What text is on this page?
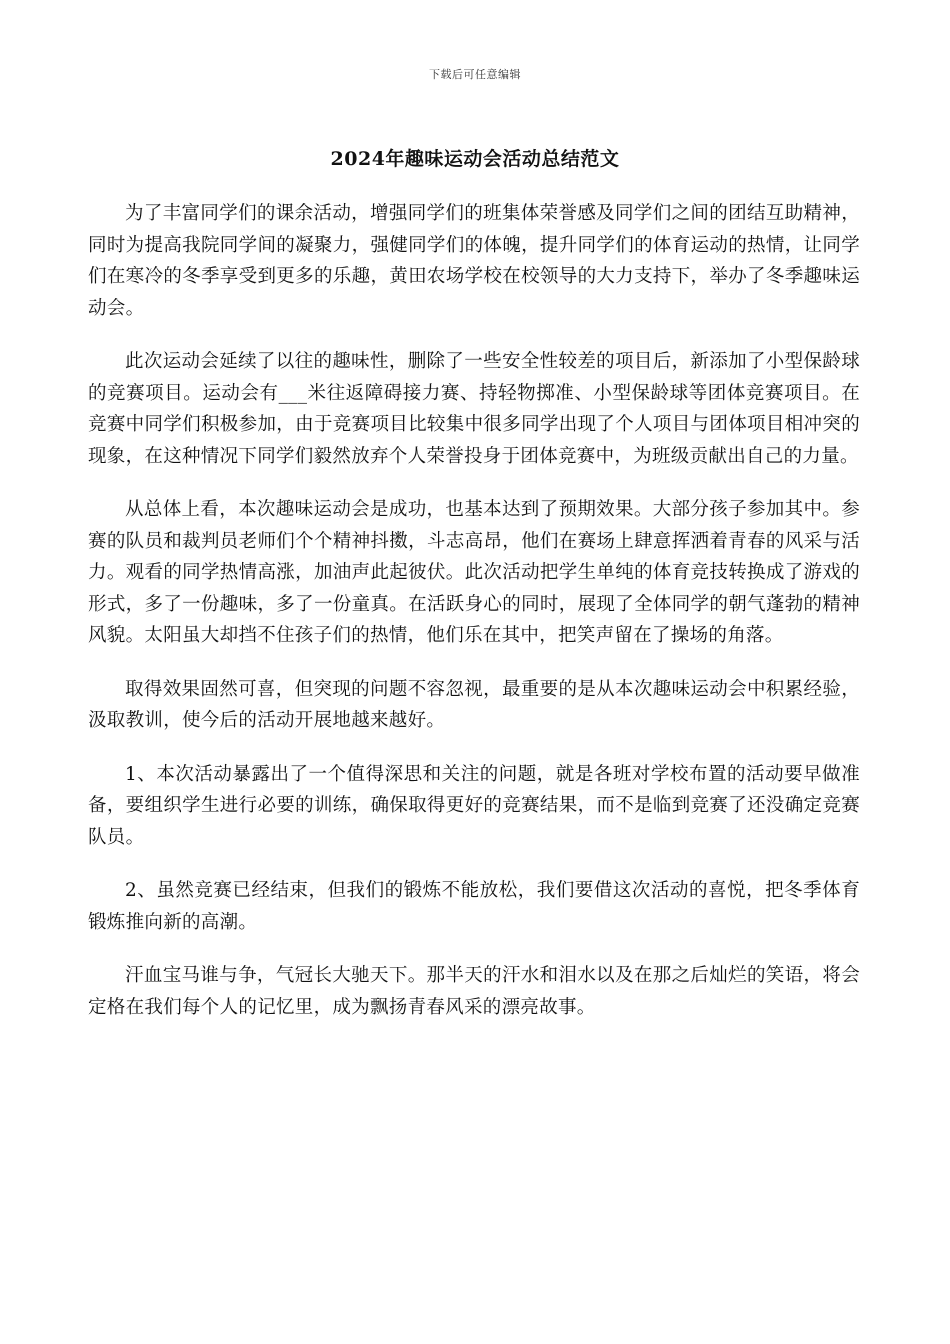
下载后可任意编辑
2024年趣味运动会活动总结范文

为了丰富同学们的课余活动，增强同学们的班集体荣誉感及同学们之间的团结互助精神，同时为提高我院同学间的凝聚力，强健同学们的体魄，提升同学们的体育运动的热情，让同学们在寒冷的冬季享受到更多的乐趣，黄田农场学校在校领导的大力支持下，举办了冬季趣味运动会。

此次运动会延续了以往的趣味性，删除了一些安全性较差的项目后，新添加了小型保龄球的竞赛项目。运动会有___米往返障碍接力赛、持轻物掷准、小型保龄球等团体竞赛项目。在竞赛中同学们积极参加，由于竞赛项目比较集中很多同学出现了个人项目与团体项目相冲突的现象，在这种情况下同学们毅然放弃个人荣誉投身于团体竞赛中，为班级贡献出自己的力量。

从总体上看，本次趣味运动会是成功，也基本达到了预期效果。大部分孩子参加其中。参赛的队员和裁判员老师们个个精神抖擞，斗志高昂，他们在赛场上肆意挥洒着青春的风采与活力。观看的同学热情高涨，加油声此起彼伏。此次活动把学生单纯的体育竞技转换成了游戏的形式，多了一份趣味，多了一份童真。在活跃身心的同时，展现了全体同学的朝气蓬勃的精神风貌。太阳虽大却挡不住孩子们的热情，他们乐在其中，把笑声留在了操场的角落。

取得效果固然可喜，但突现的问题不容忽视，最重要的是从本次趣味运动会中积累经验，汲取教训，使今后的活动开展地越来越好。

1、本次活动暴露出了一个值得深思和关注的问题，就是各班对学校布置的活动要早做准备，要组织学生进行必要的训练，确保取得更好的竞赛结果，而不是临到竞赛了还没确定竞赛队员。

2、虽然竞赛已经结束，但我们的锻炼不能放松，我们要借这次活动的喜悦，把冬季体育锻炼推向新的高潮。

汗血宝马谁与争，气冠长大驰天下。那半天的汗水和泪水以及在那之后灿烂的笑语，将会定格在我们每个人的记忆里，成为飘扬青春风采的漂亮故事。
